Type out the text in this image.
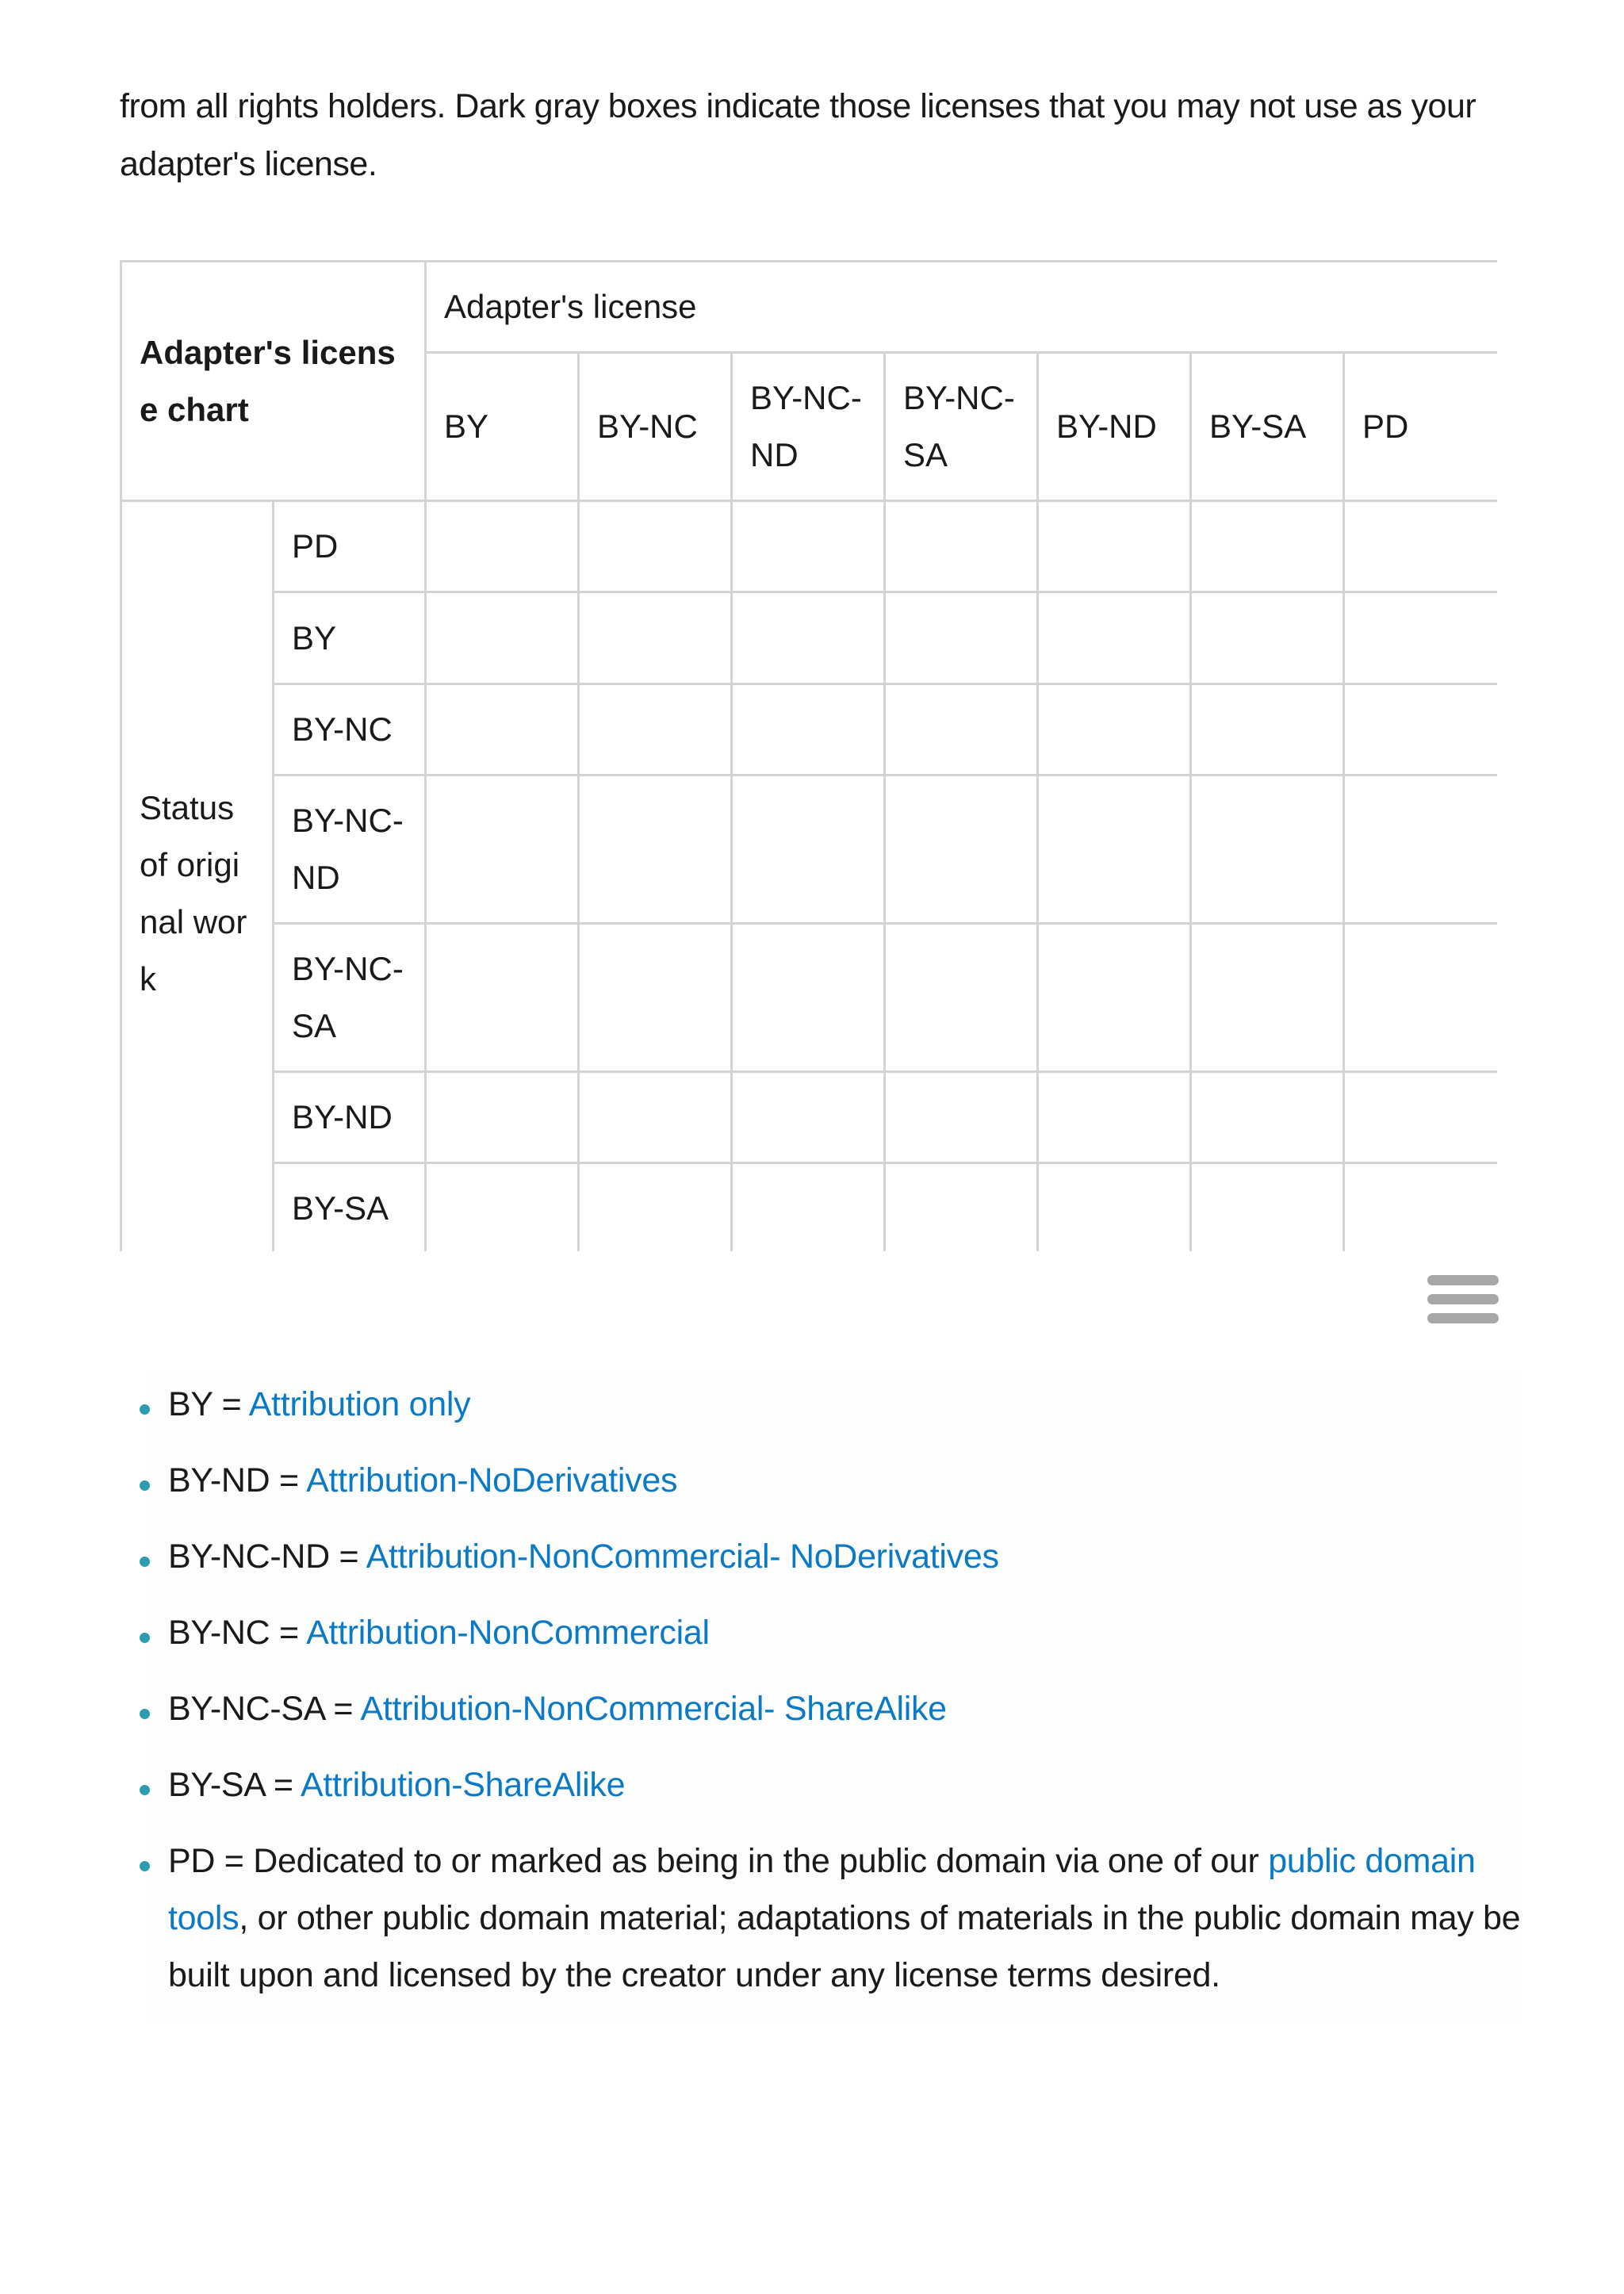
from all rights holders. Dark gray boxes indicate those licenses that you may not use as your adapter's license.

Adapter's license chart		Adapter's license						
		BY	BY-NC	BY-NC-ND	BY-NC-SA	BY-ND	BY-SA	PD
Status of original work	PD							
	BY							
	BY-NC							
	BY-NC-ND							
	BY-NC-SA							
	BY-ND							
	BY-SA							
BY = Attribution only
BY-ND = Attribution-NoDerivatives
BY-NC-ND = Attribution-NonCommercial- NoDerivatives
BY-NC = Attribution-NonCommercial
BY-NC-SA = Attribution-NonCommercial- ShareAlike
BY-SA = Attribution-ShareAlike
PD = Dedicated to or marked as being in the public domain via one of our public domain tools, or other public domain material; adaptations of materials in the public domain may be built upon and licensed by the creator under any license terms desired.
